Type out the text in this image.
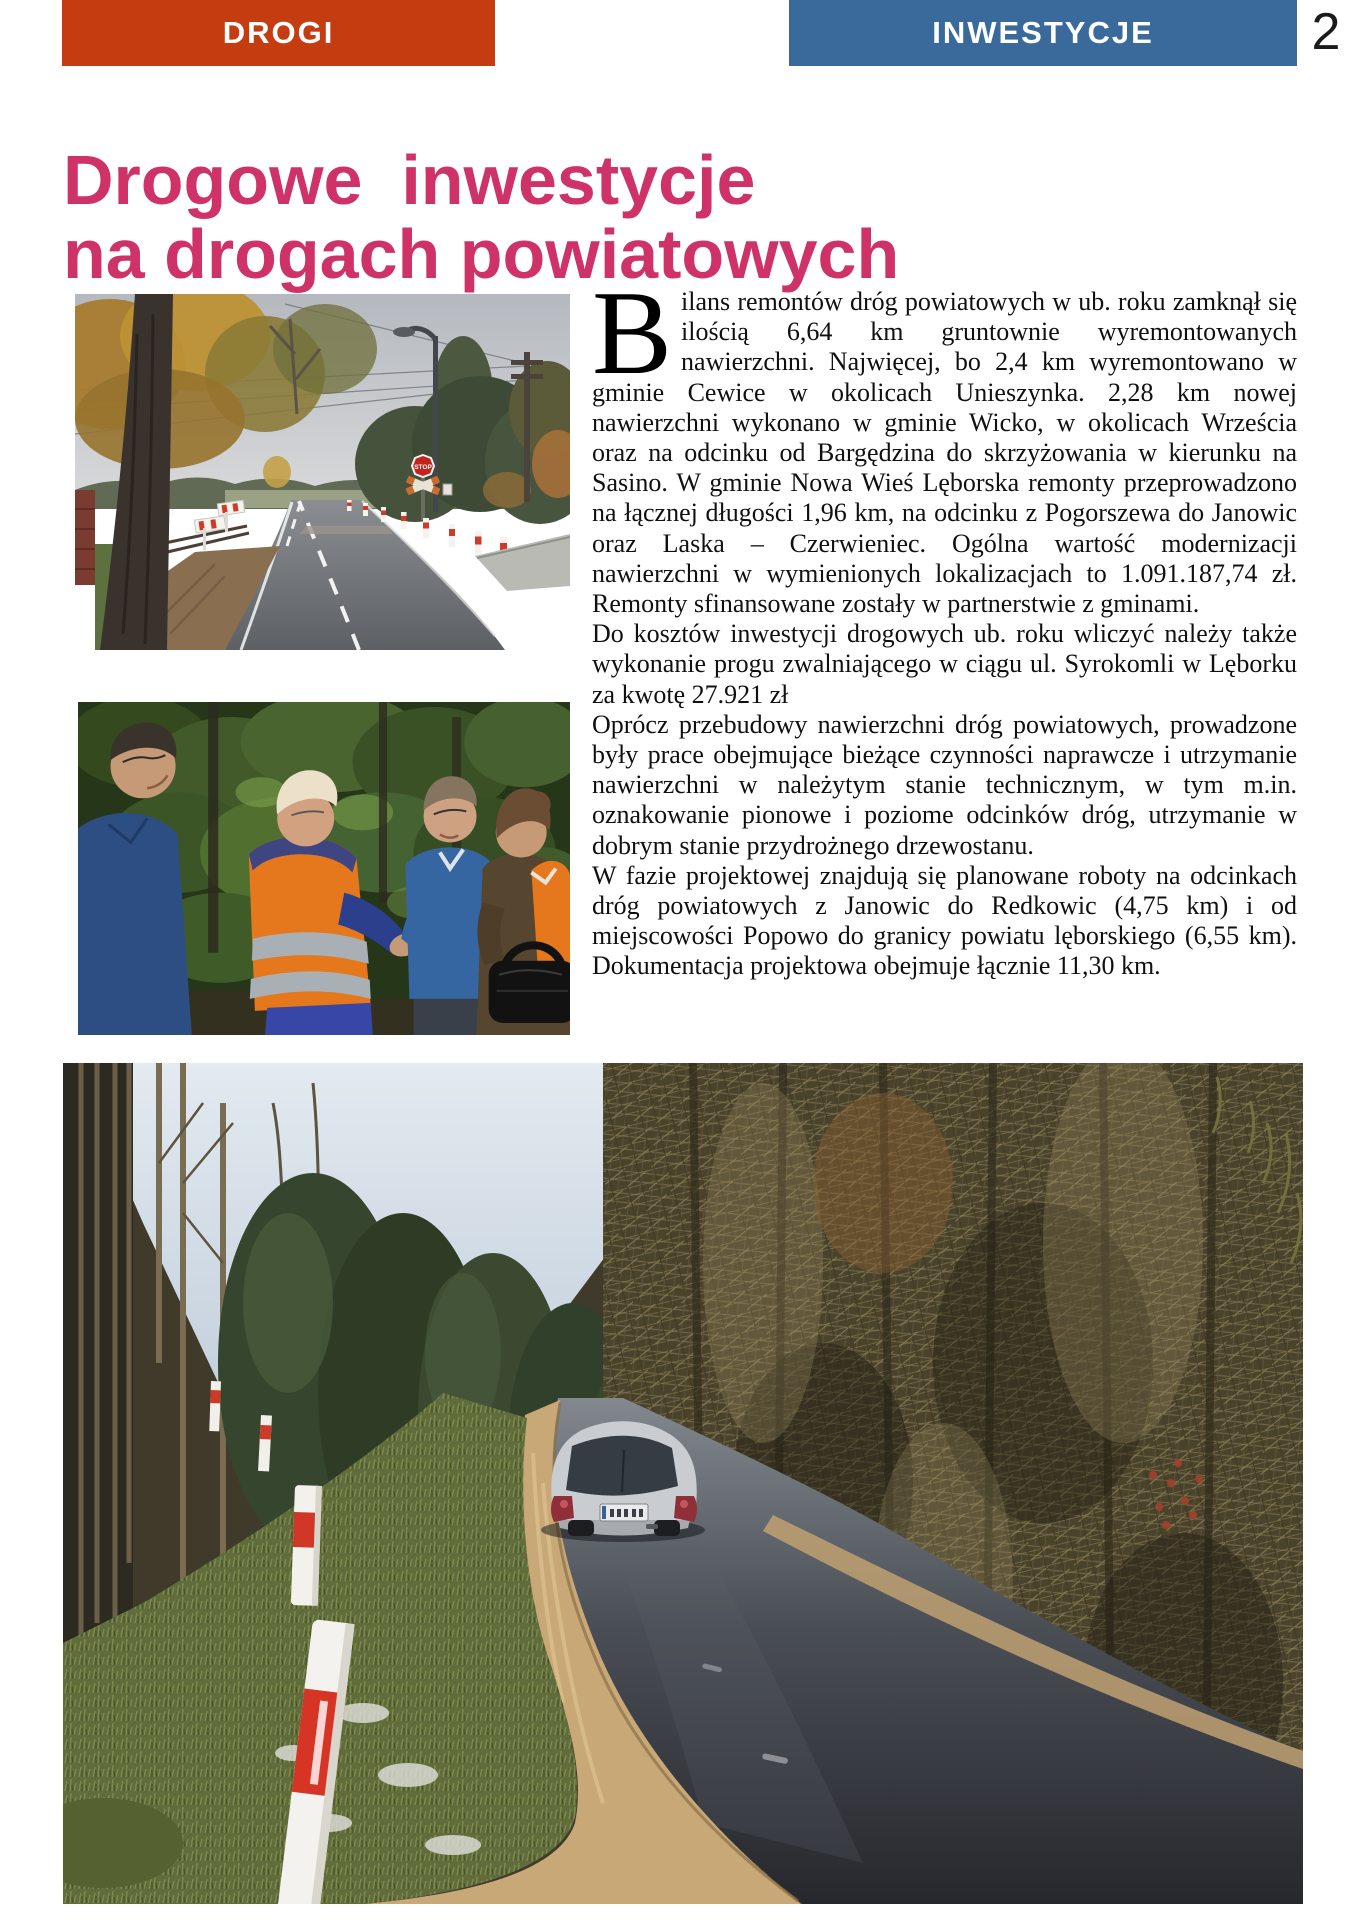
DROGI	INWESTYCJE	2
Drogowe  inwestycje
na drogach powiatowych
STOP

Bilans remontów dróg powiatowych w ub. roku zamknął się ilością 6,64 km gruntownie wyremontowanych nawierzchni. Najwięcej, bo 2,4 km wyremontowano w gminie Cewice w okolicach Unieszynka. 2,28 km nowej nawierzchni wykonano w gminie Wicko, w okolicach Wrześcia oraz na odcinku od Bargędzina do skrzyżowania w kierunku na Sasino. W gminie Nowa Wieś Lęborska remonty przeprowadzono na łącznej długości 1,96 km, na odcinku z Pogorszewa do Janowic oraz Laska – Czerwieniec. Ogólna wartość modernizacji nawierzchni w wymienionych lokalizacjach to 1.091.187,74 zł. Remonty sfinansowane zostały w partnerstwie z gminami.

Do kosztów inwestycji drogowych ub. roku wliczyć należy także wykonanie progu zwalniającego w ciągu ul. Syrokomli w Lęborku za kwotę 27.921 zł

Oprócz przebudowy nawierzchni dróg powiatowych, prowadzone były prace obejmujące bieżące czynności naprawcze i utrzymanie nawierzchni w należytym stanie technicznym, w tym m.in. oznakowanie pionowe i poziome odcinków dróg, utrzymanie w dobrym stanie przydrożnego drzewostanu.

W fazie projektowej znajdują się planowane roboty na odcinkach dróg powiatowych z Janowic do Redkowic (4,75 km) i od miejscowości Popowo do granicy powiatu lęborskiego (6,55 km). Dokumentacja projektowa obejmuje łącznie 11,30 km.
